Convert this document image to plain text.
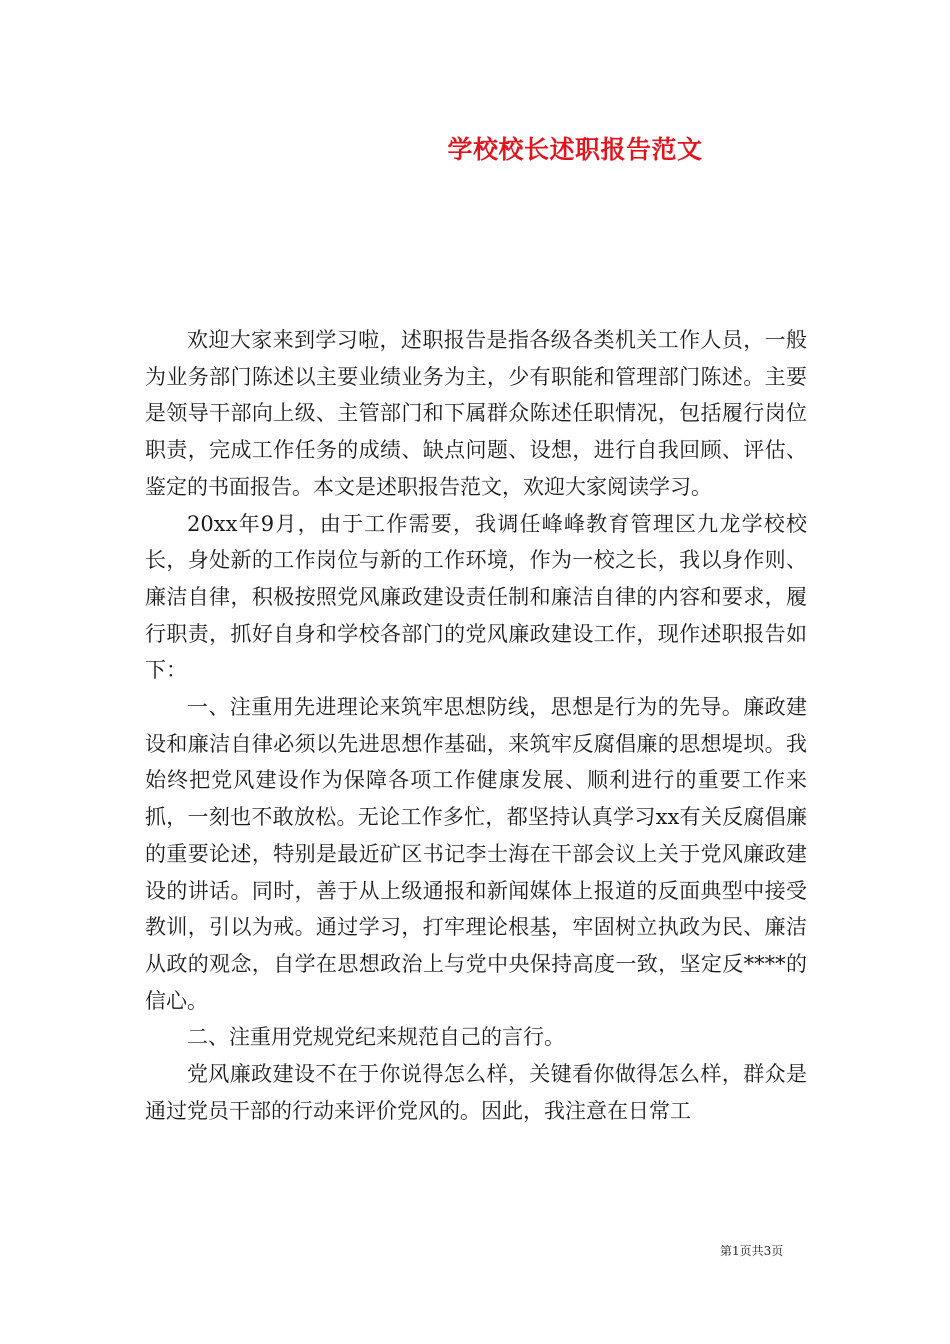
学校校长述职报告范文

欢迎大家来到学习啦，述职报告是指各级各类机关工作人员，一般为业务部门陈述以主要业绩业务为主，少有职能和管理部门陈述。主要是领导干部向上级、主管部门和下属群众陈述任职情况，包括履行岗位职责，完成工作任务的成绩、缺点问题、设想，进行自我回顾、评估、鉴定的书面报告。本文是述职报告范文，欢迎大家阅读学习。

20xx年9月，由于工作需要，我调任峰峰教育管理区九龙学校校长，身处新的工作岗位与新的工作环境，作为一校之长，我以身作则、廉洁自律，积极按照党风廉政建设责任制和廉洁自律的内容和要求，履行职责，抓好自身和学校各部门的党风廉政建设工作，现作述职报告如下：

一、注重用先进理论来筑牢思想防线，思想是行为的先导。廉政建设和廉洁自律必须以先进思想作基础，来筑牢反腐倡廉的思想堤坝。我始终把党风建设作为保障各项工作健康发展、顺利进行的重要工作来抓，一刻也不敢放松。无论工作多忙，都坚持认真学习xx有关反腐倡廉的重要论述，特别是最近矿区书记李士海在干部会议上关于党风廉政建设的讲话。同时，善于从上级通报和新闻媒体上报道的反面典型中接受教训，引以为戒。通过学习，打牢理论根基，牢固树立执政为民、廉洁从政的观念，自学在思想政治上与党中央保持高度一致，坚定反****的信心。

二、注重用党规党纪来规范自己的言行。

党风廉政建设不在于你说得怎么样，关键看你做得怎么样，群众是通过党员干部的行动来评价党风的。因此，我注意在日常工

第1页共3页
